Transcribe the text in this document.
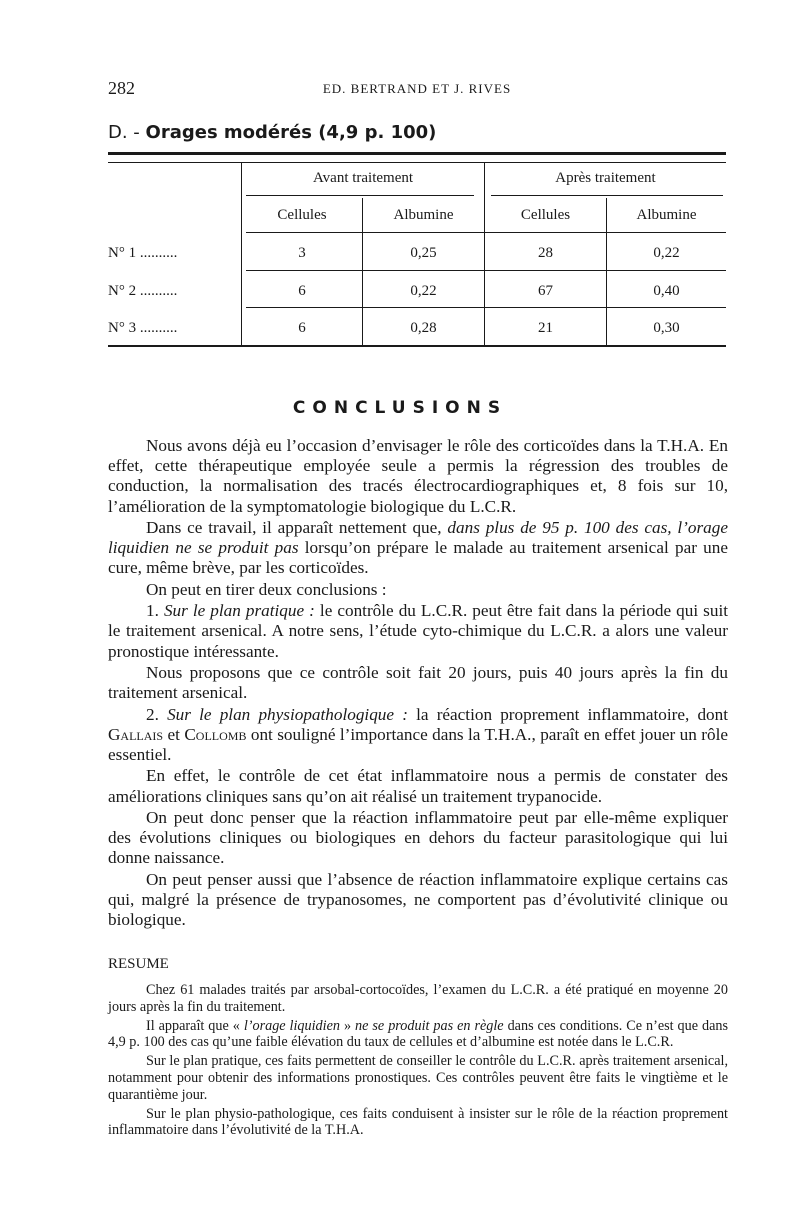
282	ED. BERTRAND ET J. RIVES
D. - Orages modérés (4,9 p. 100)
Avant traitement	Après traitement
Cellules	Albumine	Cellules	Albumine
N° 1 ..........	3	0,25	28	0,22
N° 2 ..........	6	0,22	67	0,40
N° 3 ..........	6	0,28	21	0,30
CONCLUSIONS

Nous avons déjà eu l’occasion d’envisager le rôle des corticoïdes dans la T.H.A. En effet, cette thérapeutique employée seule a permis la régression des troubles de conduction, la normalisation des tracés électrocardiographiques et, 8 fois sur 10, l’amélioration de la symptomatologie biologique du L.C.R.

Dans ce travail, il apparaît nettement que, dans plus de 95 p. 100 des cas, l’orage liquidien ne se produit pas lorsqu’on prépare le malade au traitement arsenical par une cure, même brève, par les corticoïdes.

On peut en tirer deux conclusions :

1. Sur le plan pratique : le contrôle du L.C.R. peut être fait dans la période qui suit le traitement arsenical. A notre sens, l’étude cyto-chimique du L.C.R. a alors une valeur pronostique intéressante.

Nous proposons que ce contrôle soit fait 20 jours, puis 40 jours après la fin du traitement arsenical.

2. Sur le plan physiopathologique : la réaction proprement inflammatoire, dont Gallais et Collomb ont souligné l’importance dans la T.H.A., paraît en effet jouer un rôle essentiel.

En effet, le contrôle de cet état inflammatoire nous a permis de constater des améliorations cliniques sans qu’on ait réalisé un traitement trypanocide.

On peut donc penser que la réaction inflammatoire peut par elle-même expliquer des évolutions cliniques ou biologiques en dehors du facteur parasitologique qui lui donne naissance.

On peut penser aussi que l’absence de réaction inflammatoire explique certains cas qui, malgré la présence de trypanosomes, ne comportent pas d’évolutivité clinique ou biologique.

RESUME

Chez 61 malades traités par arsobal-cortocoïdes, l’examen du L.C.R. a été pratiqué en moyenne 20 jours après la fin du traitement.

Il apparaît que « l’orage liquidien » ne se produit pas en règle dans ces conditions. Ce n’est que dans 4,9 p. 100 des cas qu’une faible élévation du taux de cellules et d’albumine est notée dans le L.C.R.

Sur le plan pratique, ces faits permettent de conseiller le contrôle du L.C.R. après traitement arsenical, notamment pour obtenir des informations pronostiques. Ces contrôles peuvent être faits le vingtième et le quarantième jour.

Sur le plan physio-pathologique, ces faits conduisent à insister sur le rôle de la réaction proprement inflammatoire dans l’évolutivité de la T.H.A.
